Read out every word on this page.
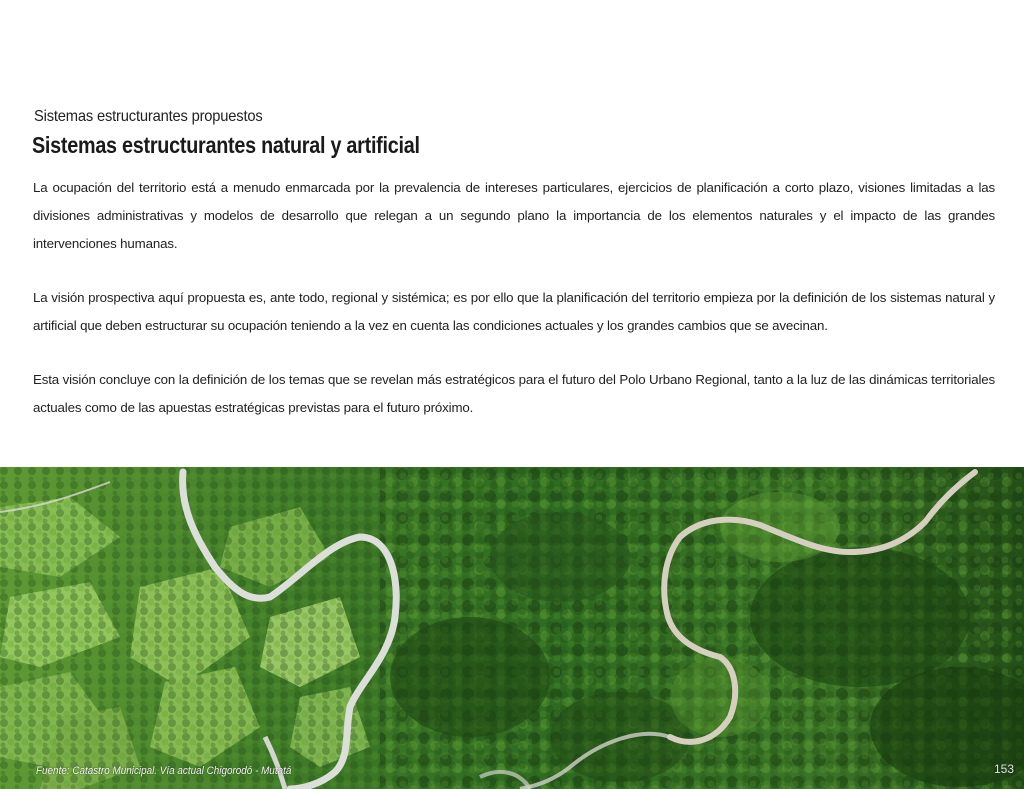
Sistemas estructurantes propuestos
Sistemas estructurantes natural y artificial

La ocupación del territorio está a menudo enmarcada por la prevalencia de intereses particulares, ejercicios de planificación a corto plazo, visiones limitadas a las divisiones administrativas y modelos de desarrollo que relegan a un segundo plano la importancia de los elementos naturales y el impacto de las grandes intervenciones humanas.

La visión prospectiva aquí propuesta es, ante todo, regional y sistémica; es por ello que la planificación del territorio empieza por la definición de los sistemas natural y artificial que deben estructurar su ocupación teniendo a la vez en cuenta las condiciones actuales y los grandes cambios que se avecinan.

Esta visión concluye con la definición de los temas que se revelan más estratégicos para el futuro del Polo Urbano Regional, tanto a la luz de las dinámicas territoriales actuales como de las apuestas estratégicas previstas para el futuro próximo.

Fuente: Catastro Municipal. Vía actual Chigorodó - Mutatá	153
